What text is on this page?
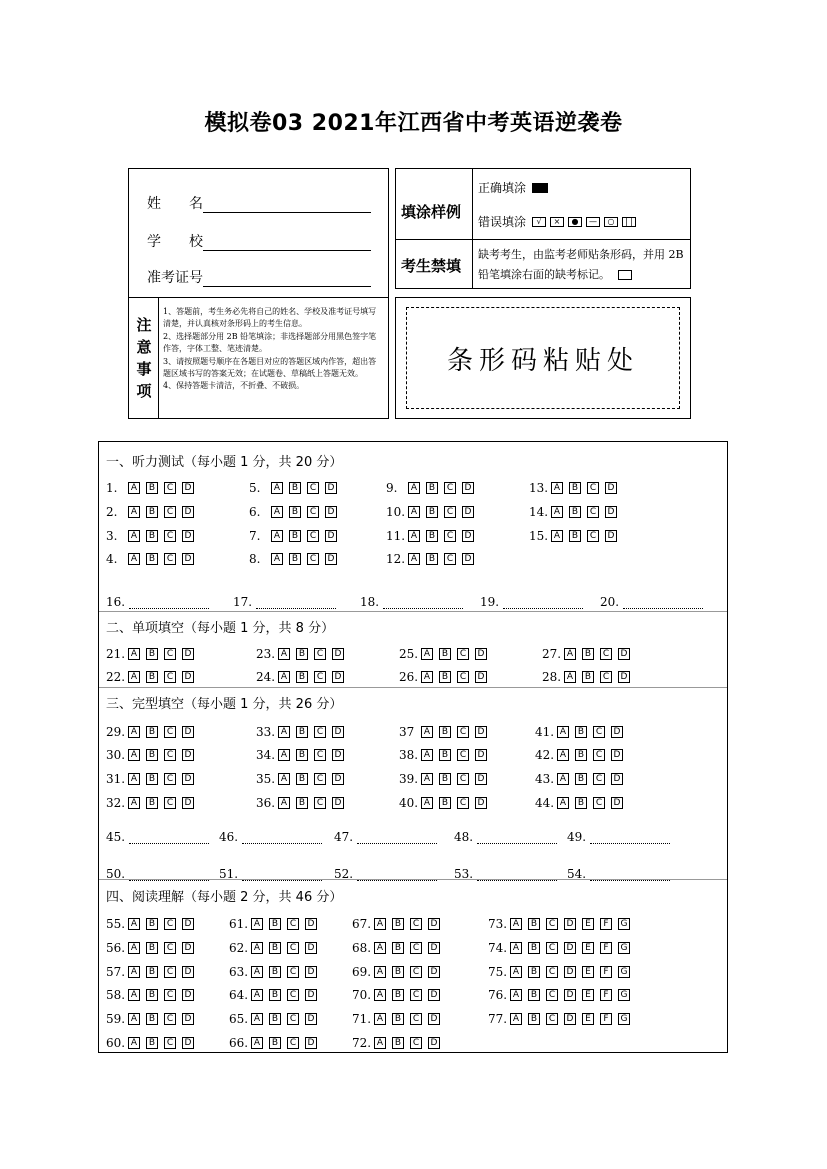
模拟卷03 2021年江西省中考英语逆袭卷
姓　　名
学　　校
准考证号
注
意
事
项
1、答题前，考生务必先将自己的姓名、学校及准考证号填写清楚，并认真核对条形码上的考生信息。
2、选择题部分用 2B 铅笔填涂；非选择题部分用黑色签字笔作答，字体工整、笔迹清楚。
3、请按照题号顺序在各题目对应的答题区域内作答，超出答题区域书写的答案无效；在试题卷、草稿纸上答题无效。
4、保持答题卡清洁，不折叠、不破损。
填涂样例
正确填涂
错误填涂	√	×	●	—	○	| |
考生禁填
缺考考生，由监考老师贴条形码，并用 2B 铅笔填涂右面的缺考标记。
条形码粘贴处
一、听力测试（每小题 1 分，共 20 分）
二、单项填空（每小题 1 分，共 8 分）
三、完型填空（每小题 1 分，共 26 分）
四、阅读理解（每小题 2 分，共 46 分）
1.	A	B	C	D
2.	A	B	C	D
3.	A	B	C	D
4.	A	B	C	D
5.	A	B	C	D
6.	A	B	C	D
7.	A	B	C	D
8.	A	B	C	D
9.	A	B	C	D
10. A	B	C	D
11. A	B	C	D
12. A	B	C	D
13. A	B	C	D
14. A	B	C	D
15. A	B	C	D
21. A	B	C	D
22. A	B	C	D
23. A	B	C	D
24. A	B	C	D
25. A	B	C	D
26. A	B	C	D
27. A	B	C	D
28. A	B	C	D
29. A	B	C	D
30. A	B	C	D
31. A	B	C	D
32. A	B	C	D
33. A	B	C	D
34. A	B	C	D
35. A	B	C	D
36. A	B	C	D
37	A	B	C	D
38. A	B	C	D
39. A	B	C	D
40. A	B	C	D
41. A	B	C	D
42. A	B	C	D
43. A	B	C	D
44. A	B	C	D
55. A	B	C	D
56. A	B	C	D
57. A	B	C	D
58. A	B	C	D
59. A	B	C	D
60. A	B	C	D
61. A	B	C	D
62. A	B	C	D
63. A	B	C	D
64. A	B	C	D
65. A	B	C	D
66. A	B	C	D
67. A	B	C	D
68. A	B	C	D
69. A	B	C	D
70. A	B	C	D
71. A	B	C	D
72. A	B	C	D
73. A	B	C	D	E	F	G
74. A	B	C	D	E	F	G
75. A	B	C	D	E	F	G
76. A	B	C	D	E	F	G
77. A	B	C	D	E	F	G
16.	17.	18.	19.	20.
45.	46.	47.	48.	49.
50.	51.	52.	53.	54.
